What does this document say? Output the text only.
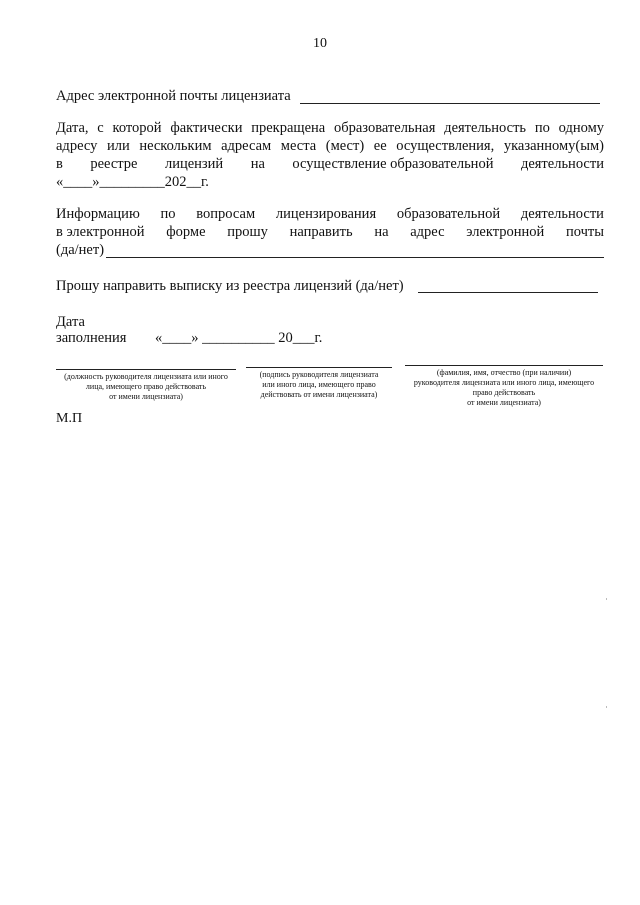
10
Адрес электронной почты лицензиата
Дата, с которой фактически прекращена образовательная деятельность по одному
адресу или нескольким адресам места (мест) ее осуществления, указанному(ым)
в реестре лицензий на осуществление образовательной деятельности
«____»_________202__г.
Информацию по вопросам лицензирования образовательной деятельности
в электронной форме прошу направить на адрес электронной почты
(да/нет)
Прошу направить выписку из реестра лицензий (да/нет)
Дата
заполнения «____» __________ 20___г.
(должность руководителя лицензиата или иного
лица, имеющего право действовать
от имени лицензиата)
(подпись руководителя лицензиата
или иного лица, имеющего право
действовать от имени лицензиата)
(фамилия, имя, отчество (при наличии)
руководителя лицензиата или иного лица, имеющего
право действовать
от имени лицензиата)
М.П
